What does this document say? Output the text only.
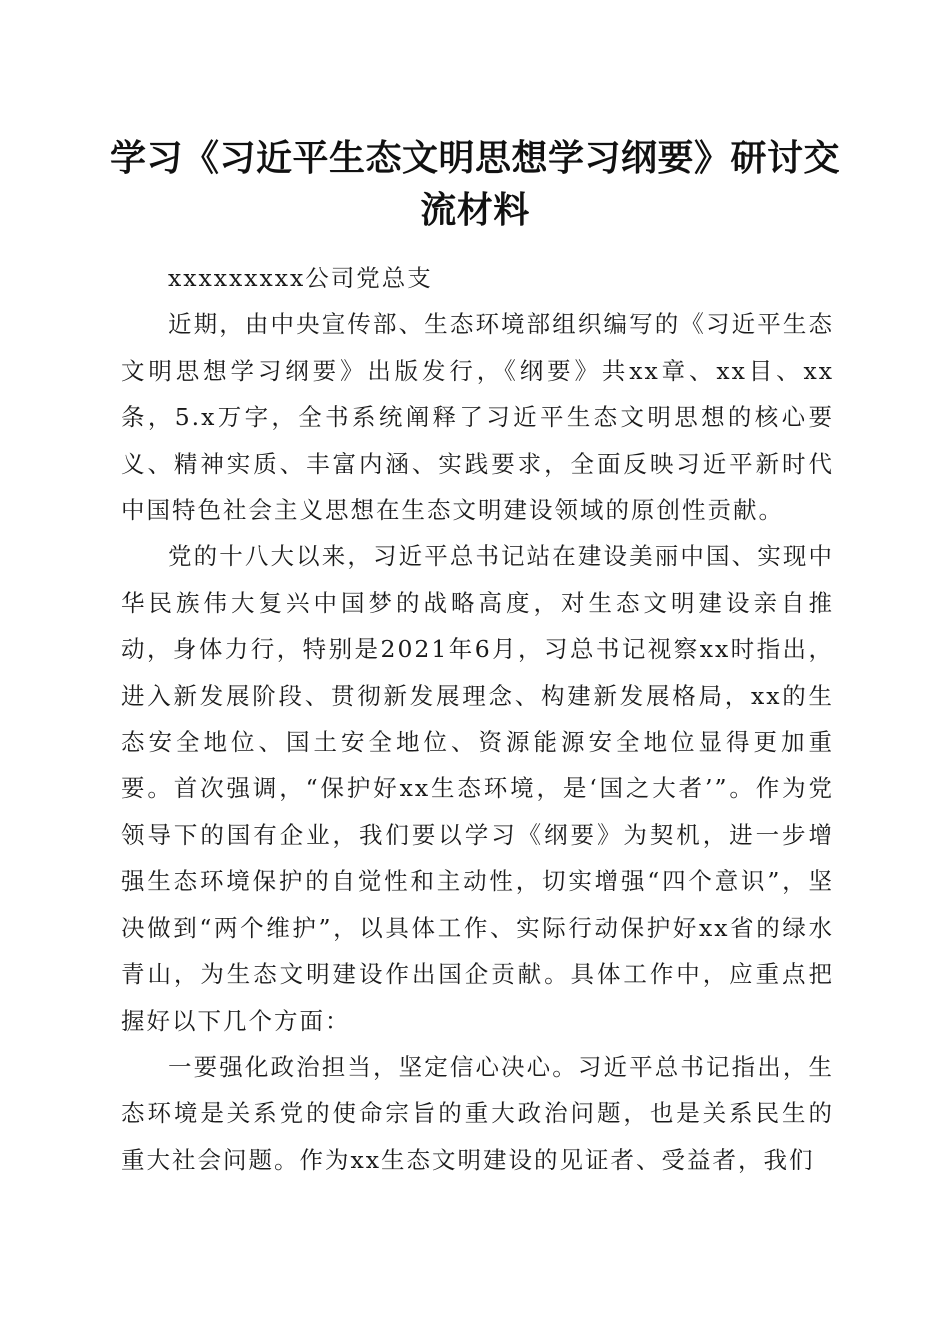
学习《习近平生态文明思想学习纲要》研讨交流材料

xxxxxxxxx公司党总支

近期，由中央宣传部、生态环境部组织编写的《习近平生态文明思想学习纲要》出版发行，《纲要》共xx章、xx目、xx条，5.x万字，全书系统阐释了习近平生态文明思想的核心要义、精神实质、丰富内涵、实践要求，全面反映习近平新时代中国特色社会主义思想在生态文明建设领域的原创性贡献。

党的十八大以来，习近平总书记站在建设美丽中国、实现中华民族伟大复兴中国梦的战略高度，对生态文明建设亲自推动，身体力行，特别是2021年6月，习总书记视察xx时指出，进入新发展阶段、贯彻新发展理念、构建新发展格局，xx的生态安全地位、国土安全地位、资源能源安全地位显得更加重要。首次强调，“保护好xx生态环境，是‘国之大者’”。作为党领导下的国有企业，我们要以学习《纲要》为契机，进一步增强生态环境保护的自觉性和主动性，切实增强“四个意识”，坚决做到“两个维护”，以具体工作、实际行动保护好xx省的绿水青山，为生态文明建设作出国企贡献。具体工作中，应重点把握好以下几个方面：

一要强化政治担当，坚定信心决心。习近平总书记指出，生态环境是关系党的使命宗旨的重大政治问题，也是关系民生的重大社会问题。作为xx生态文明建设的见证者、受益者，我们
